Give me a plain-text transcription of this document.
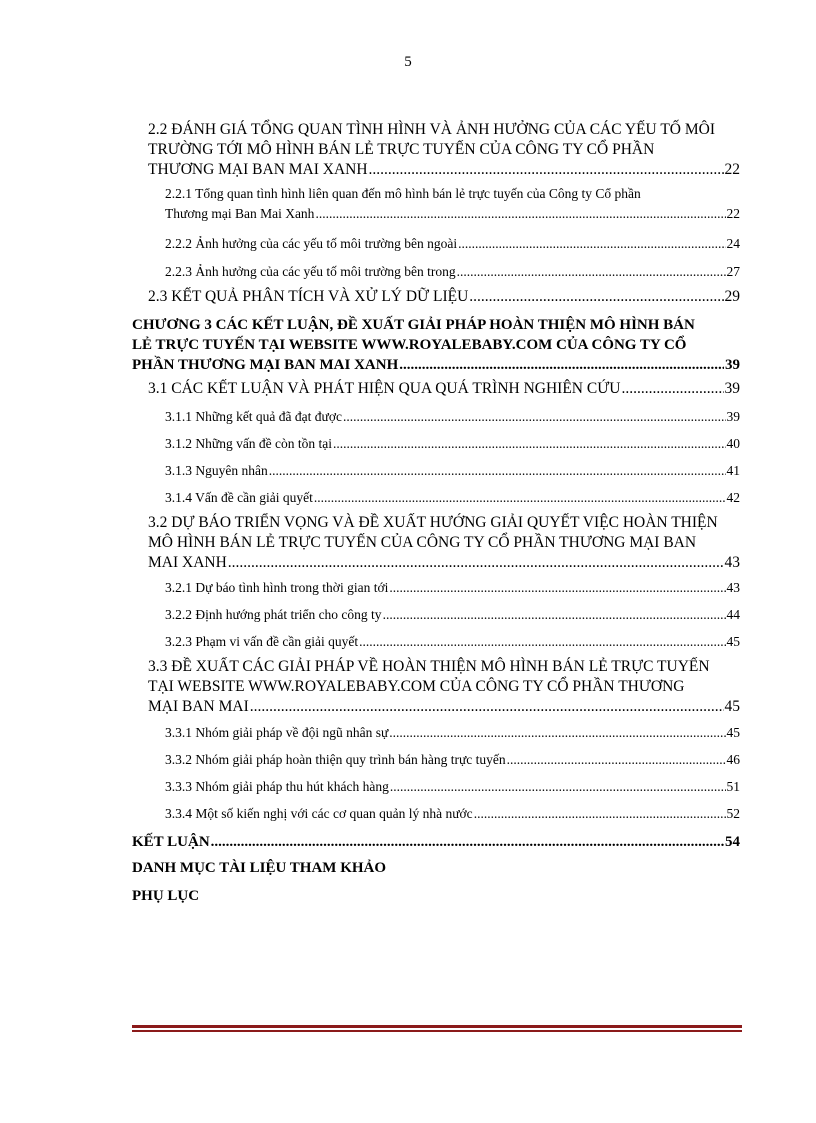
5
2.2 ĐÁNH GIÁ TỔNG QUAN TÌNH HÌNH VÀ ẢNH HƯỞNG CỦA CÁC YẾU TỐ MÔI
TRƯỜNG TỚI MÔ HÌNH BÁN LẺ TRỰC TUYẾN CỦA CÔNG TY CỔ PHẦN
THƯƠNG MẠI BAN MAI XANH .....	22
2.2.1 Tổng quan tình hình liên quan đến mô hình bán lẻ trực tuyến của Công ty Cổ phần
Thương mại Ban Mai Xanh .....	22
2.2.2 Ảnh hưởng của các yếu tố môi trường bên ngoài .....	24
2.2.3 Ảnh hưởng của các yếu tố môi trường bên trong .....	27
2.3 KẾT QUẢ PHÂN TÍCH VÀ XỬ LÝ DỮ LIỆU .....	29
CHƯƠNG 3 CÁC KẾT LUẬN, ĐỀ XUẤT GIẢI PHÁP HOÀN THIỆN MÔ HÌNH BÁN
LẺ TRỰC TUYẾN TẠI WEBSITE WWW.ROYALEBABY.COM CỦA CÔNG TY CỔ
PHẦN THƯƠNG MẠI BAN MAI XANH .....	39
3.1 CÁC KẾT LUẬN VÀ PHÁT HIỆN QUA QUÁ TRÌNH NGHIÊN CỨU .....	39
3.1.1 Những kết quả đã đạt được .....	39
3.1.2 Những vấn đề còn tồn tại .....	40
3.1.3 Nguyên nhân .....	41
3.1.4 Vấn đề cần giải quyết .....	42
3.2 DỰ BÁO TRIỂN VỌNG VÀ ĐỀ XUẤT HƯỚNG GIẢI QUYẾT VIỆC HOÀN THIỆN
MÔ HÌNH BÁN LẺ TRỰC TUYẾN CỦA CÔNG TY CỔ PHẦN THƯƠNG MẠI BAN
MAI XANH .....	43
3.2.1 Dự báo tình hình trong thời gian tới .....	43
3.2.2 Định hướng phát triển cho công ty .....	44
3.2.3 Phạm vi vấn đề cần giải quyết .....	45
3.3 ĐỀ XUẤT CÁC GIẢI PHÁP VỀ HOÀN THIỆN MÔ HÌNH BÁN LẺ TRỰC TUYẾN
TẠI WEBSITE WWW.ROYALEBABY.COM CỦA CÔNG TY CỔ PHẦN THƯƠNG
MẠI BAN MAI .....	45
3.3.1 Nhóm giải pháp về đội ngũ nhân sự .....	45
3.3.2 Nhóm giải pháp hoàn thiện quy trình bán hàng trực tuyến .....	46
3.3.3 Nhóm giải pháp thu hút khách hàng .....	51
3.3.4 Một số kiến nghị với các cơ quan quản lý nhà nước .....	52
KẾT LUẬN .....	54
DANH MỤC TÀI LIỆU THAM KHẢO
PHỤ LỤC
